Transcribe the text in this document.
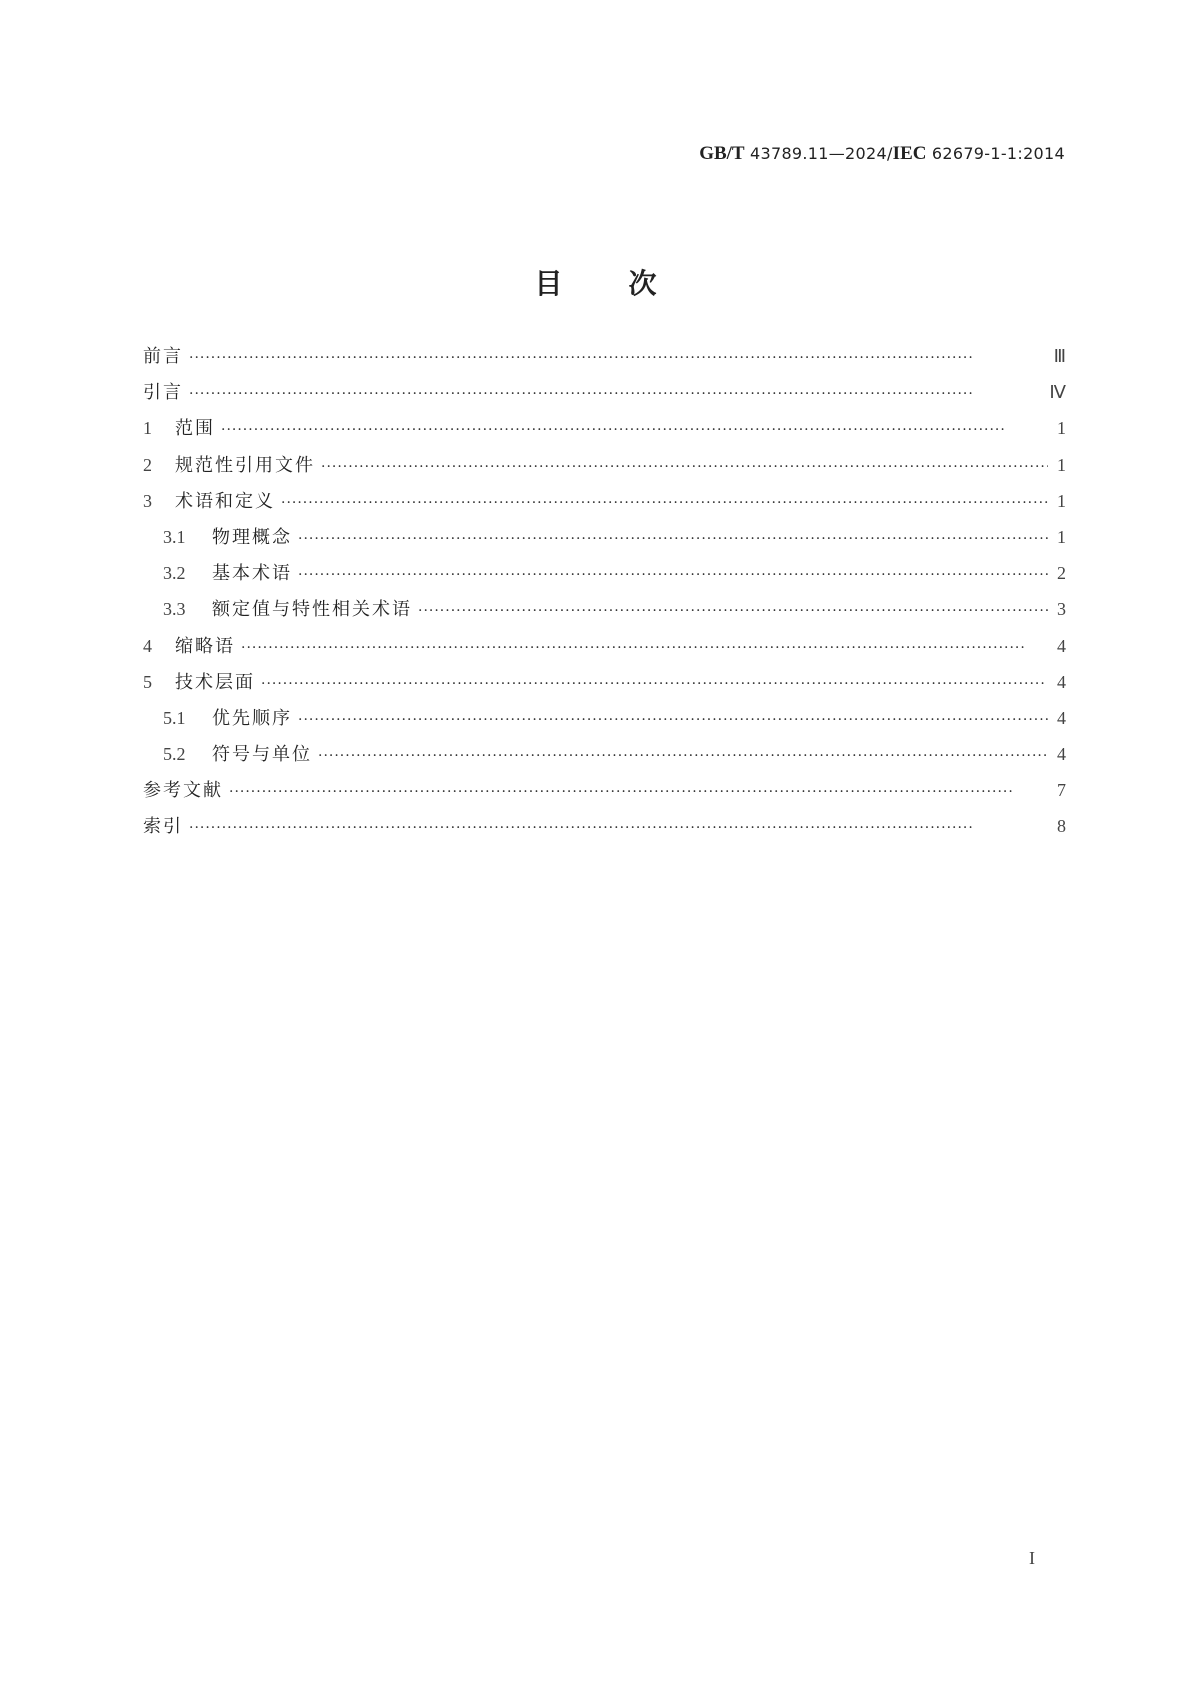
GB/T 43789.11—2024/IEC 62679-1-1:2014
目 次
前言 ·····	Ⅲ
引言 ·····	Ⅳ
1	范围 ·····	1
2	规范性引用文件 ·····	1
3	术语和定义 ·····	1
3.1	物理概念 ·····	1
3.2	基本术语 ·····	2
3.3	额定值与特性相关术语 ·····	3
4	缩略语 ·····	4
5	技术层面 ·····	4
5.1	优先顺序 ·····	4
5.2	符号与单位 ·····	4
参考文献 ·····	7
索引 ·····	8
I
